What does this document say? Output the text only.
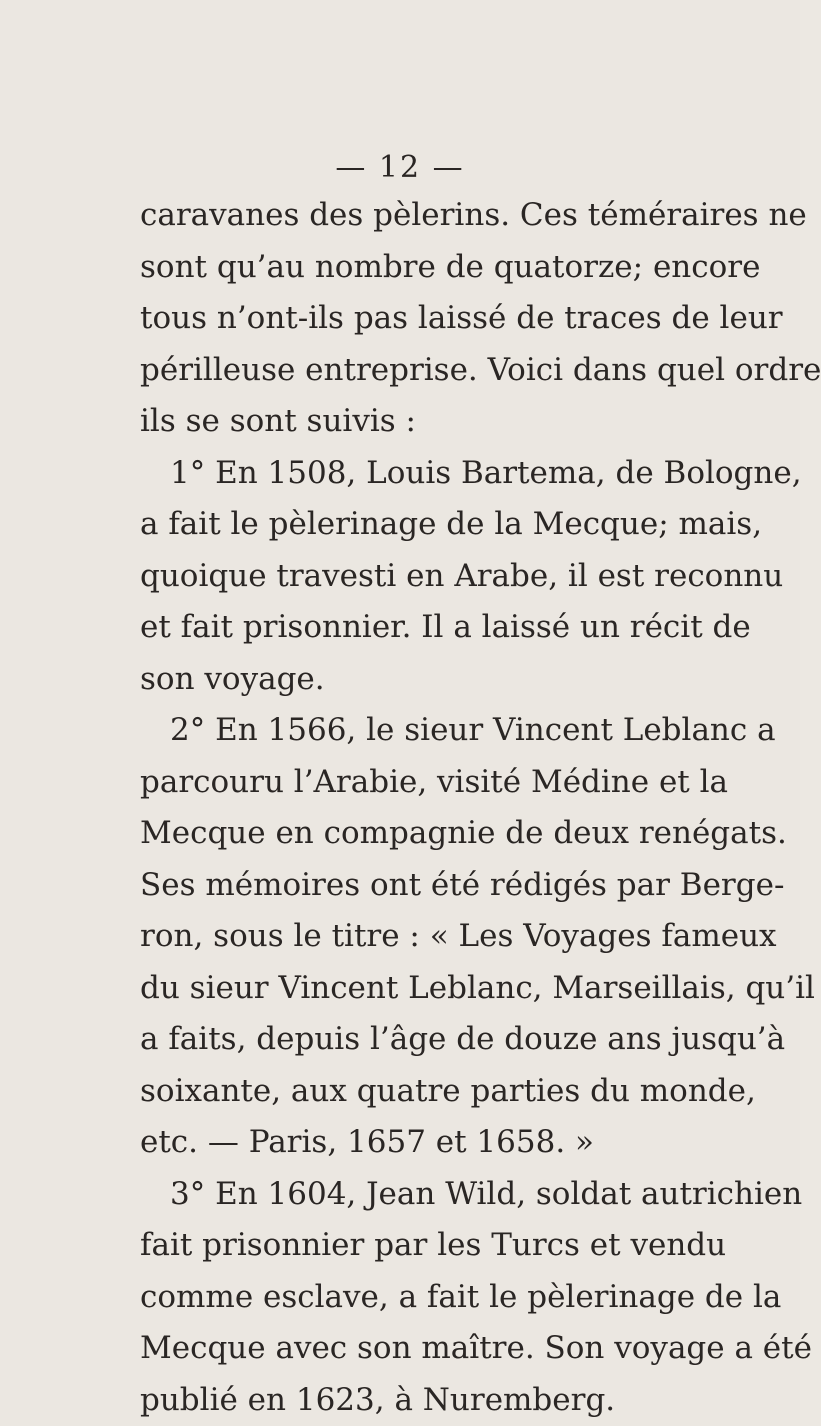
— 12 —
caravanes des pèlerins. Ces téméraires ne
sont qu’au nombre de quatorze; encore
tous n’ont-ils pas laissé de traces de leur
périlleuse entreprise. Voici dans quel ordre
ils se sont suivis :
1° En 1508, Louis Bartema, de Bologne,
a fait le pèlerinage de la Mecque; mais,
quoique travesti en Arabe, il est reconnu
et fait prisonnier. Il a laissé un récit de
son voyage.
2° En 1566, le sieur Vincent Leblanc a
parcouru l’Arabie, visité Médine et la
Mecque en compagnie de deux renégats.
Ses mémoires ont été rédigés par Berge-
ron, sous le titre : « Les Voyages fameux
du sieur Vincent Leblanc, Marseillais, qu’il
a faits, depuis l’âge de douze ans jusqu’à
soixante, aux quatre parties du monde,
etc. — Paris, 1657 et 1658. »
3° En 1604, Jean Wild, soldat autrichien
fait prisonnier par les Turcs et vendu
comme esclave, a fait le pèlerinage de la
Mecque avec son maître. Son voyage a été
publié en 1623, à Nuremberg.
